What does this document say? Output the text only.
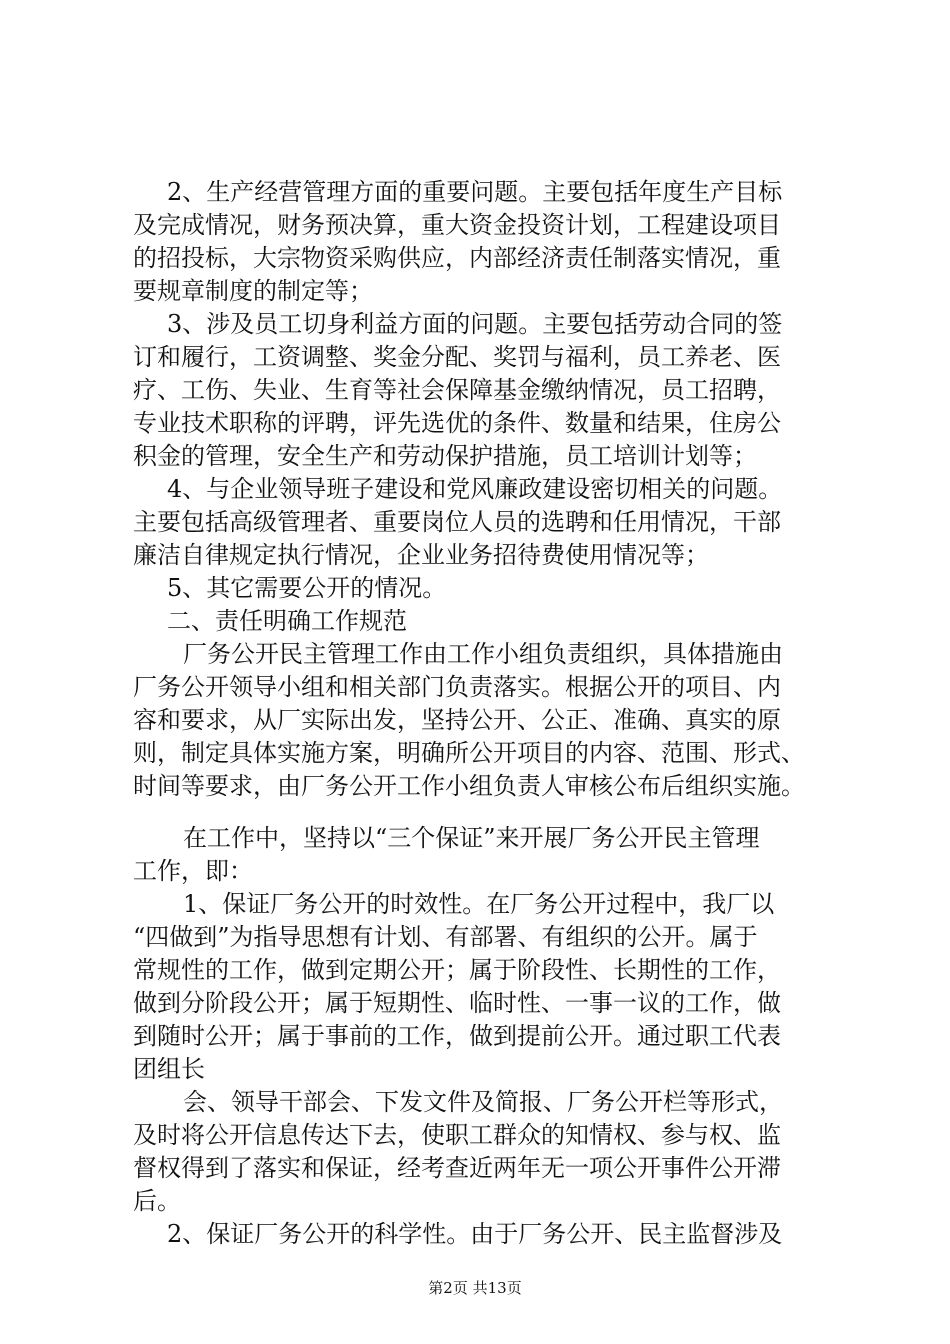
2、生产经营管理方面的重要问题。主要包括年度生产目标
及完成情况，财务预决算，重大资金投资计划，工程建设项目
的招投标，大宗物资采购供应，内部经济责任制落实情况，重
要规章制度的制定等；
3、涉及员工切身利益方面的问题。主要包括劳动合同的签
订和履行，工资调整、奖金分配、奖罚与福利，员工养老、医
疗、工伤、失业、生育等社会保障基金缴纳情况，员工招聘，
专业技术职称的评聘，评先选优的条件、数量和结果，住房公
积金的管理，安全生产和劳动保护措施，员工培训计划等；
4、与企业领导班子建设和党风廉政建设密切相关的问题。
主要包括高级管理者、重要岗位人员的选聘和任用情况，干部
廉洁自律规定执行情况，企业业务招待费使用情况等；
5、其它需要公开的情况。
二、责任明确工作规范
厂务公开民主管理工作由工作小组负责组织，具体措施由
厂务公开领导小组和相关部门负责落实。根据公开的项目、内
容和要求，从厂实际出发，坚持公开、公正、准确、真实的原
则，制定具体实施方案，明确所公开项目的内容、范围、形式、
时间等要求，由厂务公开工作小组负责人审核公布后组织实施。
在工作中，坚持以“三个保证”来开展厂务公开民主管理
工作，即：
1、保证厂务公开的时效性。在厂务公开过程中，我厂以
“四做到”为指导思想有计划、有部署、有组织的公开。属于
常规性的工作，做到定期公开；属于阶段性、长期性的工作，
做到分阶段公开；属于短期性、临时性、一事一议的工作，做
到随时公开；属于事前的工作，做到提前公开。通过职工代表
团组长
会、领导干部会、下发文件及简报、厂务公开栏等形式，
及时将公开信息传达下去，使职工群众的知情权、参与权、监
督权得到了落实和保证，经考查近两年无一项公开事件公开滞
后。
2、保证厂务公开的科学性。由于厂务公开、民主监督涉及
第2页 共13页
